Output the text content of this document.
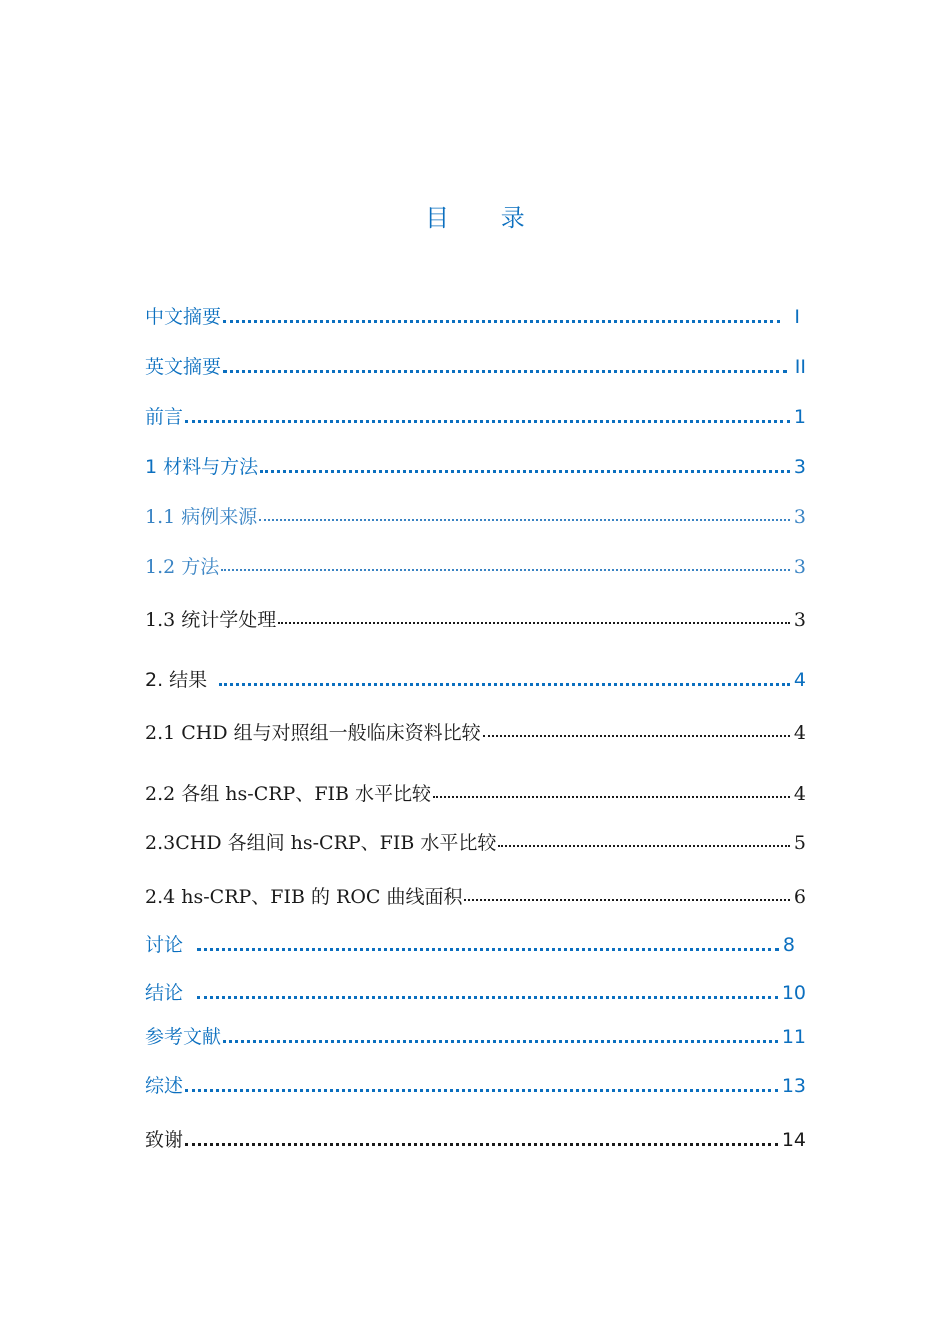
目 录
中文摘要	I
英文摘要	II
前言	1
1 材料与方法	3
1.1 病例来源	3
1.2 方法	3
1.3 统计学处理	3
2. 结果	4
2.1 CHD 组与对照组一般临床资料比较	4
2.2 各组 hs-CRP、FIB 水平比较	4
2.3CHD 各组间 hs-CRP、FIB 水平比较	5
2.4 hs-CRP、FIB 的 ROC 曲线面积	6
讨论	8
结论	10
参考文献	11
综述	13
致谢	14
